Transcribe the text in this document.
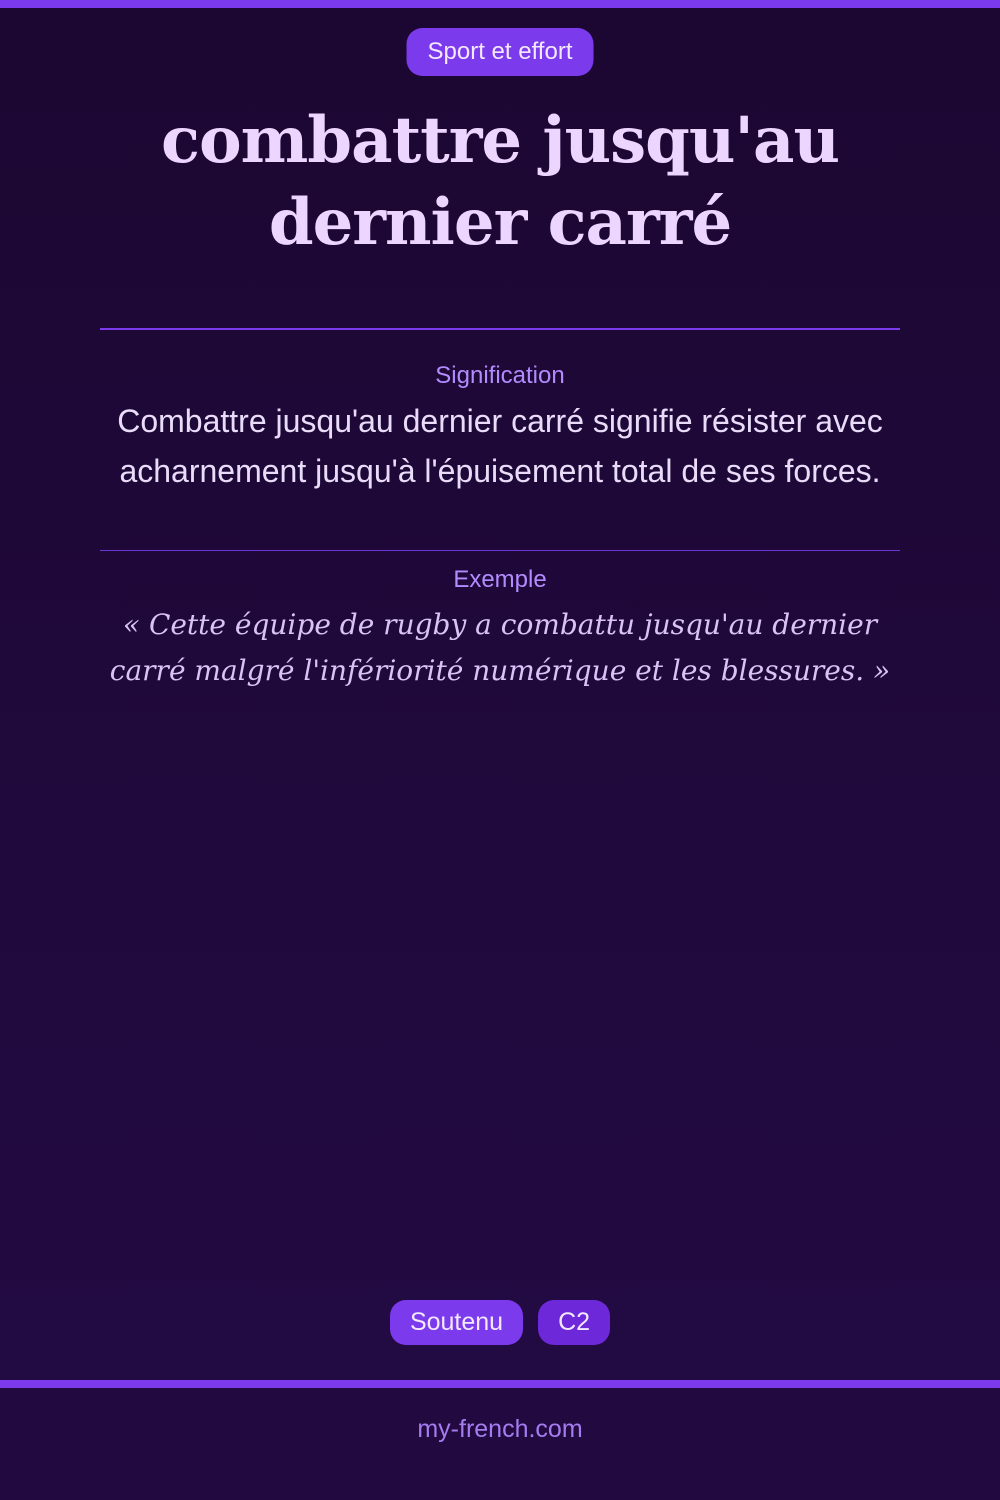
Sport et effort
combattre jusqu'au dernier carré
Signification

Combattre jusqu'au dernier carré signifie résister avec acharnement jusqu'à l'épuisement total de ses forces.

Exemple

« Cette équipe de rugby a combattu jusqu'au dernier carré malgré l'infériorité numérique et les blessures. »

Soutenu	C2
my-french.com
